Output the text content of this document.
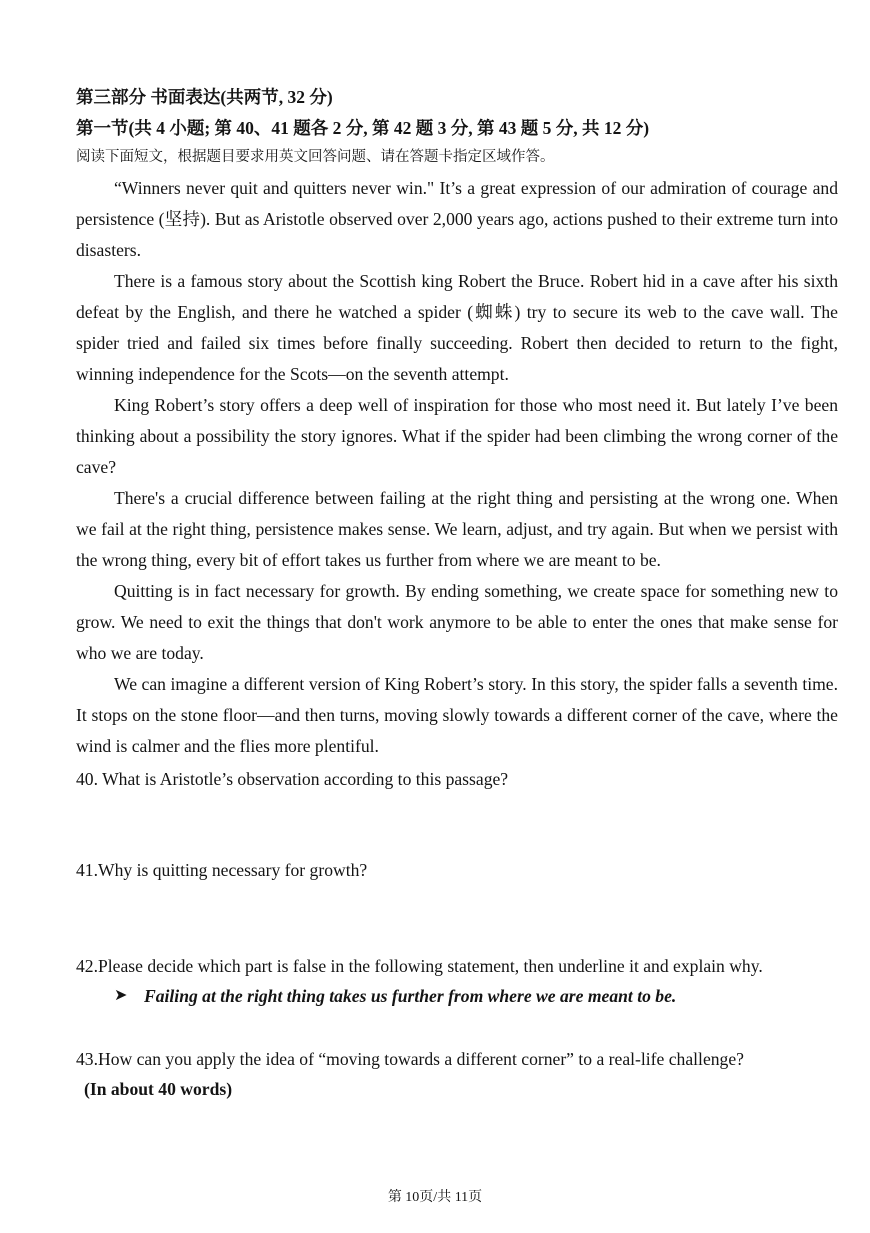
第三部分 书面表达(共两节, 32 分)

第一节(共 4 小题; 第 40、41 题各 2 分, 第 42 题 3 分, 第 43 题 5 分, 共 12 分)

阅读下面短文，根据题目要求用英文回答问题、请在答题卡指定区域作答。

“Winners never quit and quitters never win." It’s a great expression of our admiration of courage and persistence (坚持). But as Aristotle observed over 2,000 years ago, actions pushed to their extreme turn into disasters.

There is a famous story about the Scottish king Robert the Bruce. Robert hid in a cave after his sixth defeat by the English, and there he watched a spider (蜘蛛) try to secure its web to the cave wall. The spider tried and failed six times before finally succeeding. Robert then decided to return to the fight, winning independence for the Scots—on the seventh attempt.

King Robert’s story offers a deep well of inspiration for those who most need it. But lately I’ve been thinking about a possibility the story ignores. What if the spider had been climbing the wrong corner of the cave?

There's a crucial difference between failing at the right thing and persisting at the wrong one. When we fail at the right thing, persistence makes sense. We learn, adjust, and try again. But when we persist with the wrong thing, every bit of effort takes us further from where we are meant to be.

Quitting is in fact necessary for growth. By ending something, we create space for something new to grow. We need to exit the things that don't work anymore to be able to enter the ones that make sense for who we are today.

We can imagine a different version of King Robert’s story. In this story, the spider falls a seventh time. It stops on the stone floor—and then turns, moving slowly towards a different corner of the cave, where the wind is calmer and the flies more plentiful.

40. What is Aristotle’s observation according to this passage?

41.Why is quitting necessary for growth?

42.Please decide which part is false in the following statement, then underline it and explain why.

➤ Failing at the right thing takes us further from where we are meant to be.

43.How can you apply the idea of “moving towards a different corner” to a real-life challenge?

(In about 40 words)

第 10页/共 11页
